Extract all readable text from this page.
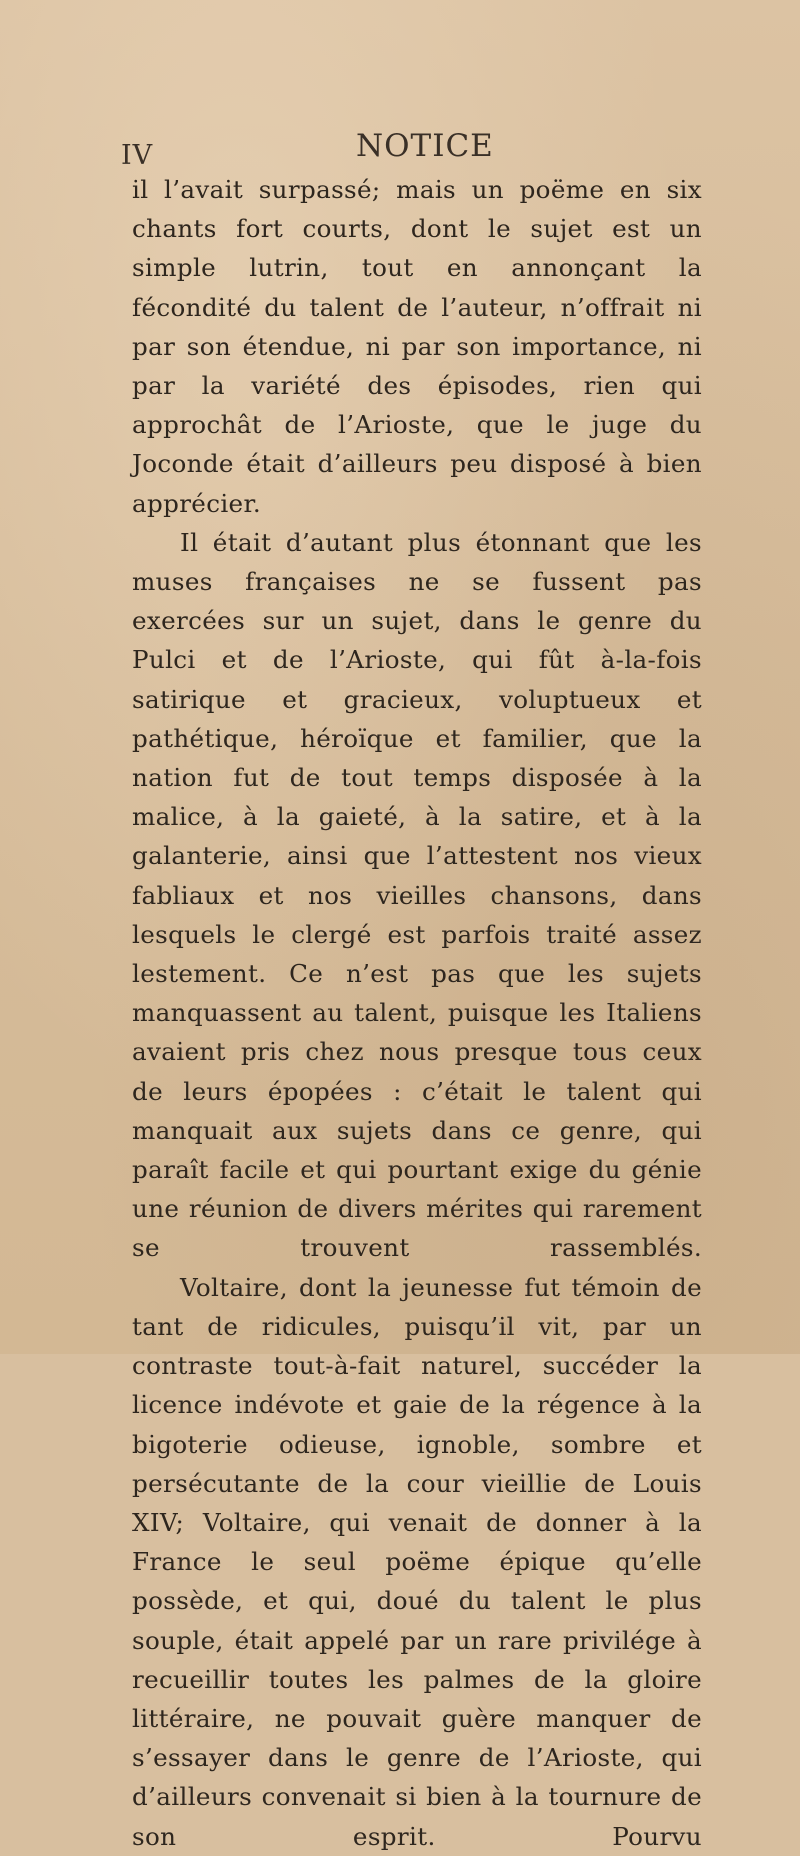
IV	NOTICE

il l’avait surpassé; mais un poëme en six chants fort courts, dont le sujet est un simple lutrin, tout en annonçant la fécondité du talent de l’auteur, n’offrait ni par son étendue, ni par son importance, ni par la variété des épisodes, rien qui approchât de l’Arioste, que le juge du Joconde était d’ailleurs peu disposé à bien apprécier.

Il était d’autant plus étonnant que les muses françaises ne se fussent pas exercées sur un sujet, dans le genre du Pulci et de l’Arioste, qui fût à-la-fois satirique et gracieux, voluptueux et pathétique, héroïque et familier, que la nation fut de tout temps disposée à la malice, à la gaieté, à la satire, et à la galanterie, ainsi que l’attestent nos vieux fabliaux et nos vieilles chansons, dans lesquels le clergé est parfois traité assez lestement. Ce n’est pas que les sujets manquassent au talent, puisque les Italiens avaient pris chez nous presque tous ceux de leurs épopées : c’était le talent qui manquait aux sujets dans ce genre, qui paraît facile et qui pourtant exige du génie une réunion de divers mérites qui rarement se trouvent rassemblés.

Voltaire, dont la jeunesse fut témoin de tant de ridicules, puisqu’il vit, par un contraste tout-à-fait naturel, succéder la licence indévote et gaie de la régence à la bigoterie odieuse, ignoble, sombre et persécutante de la cour vieillie de Louis XIV; Voltaire, qui venait de donner à la France le seul poëme épique qu’elle possède, et qui, doué du talent le plus souple, était appelé par un rare privilége à recueillir toutes les palmes de la gloire littéraire, ne pouvait guère manquer de s’essayer dans le genre de l’Arioste, qui d’ailleurs convenait si bien à la tournure de son esprit. Pourvu
